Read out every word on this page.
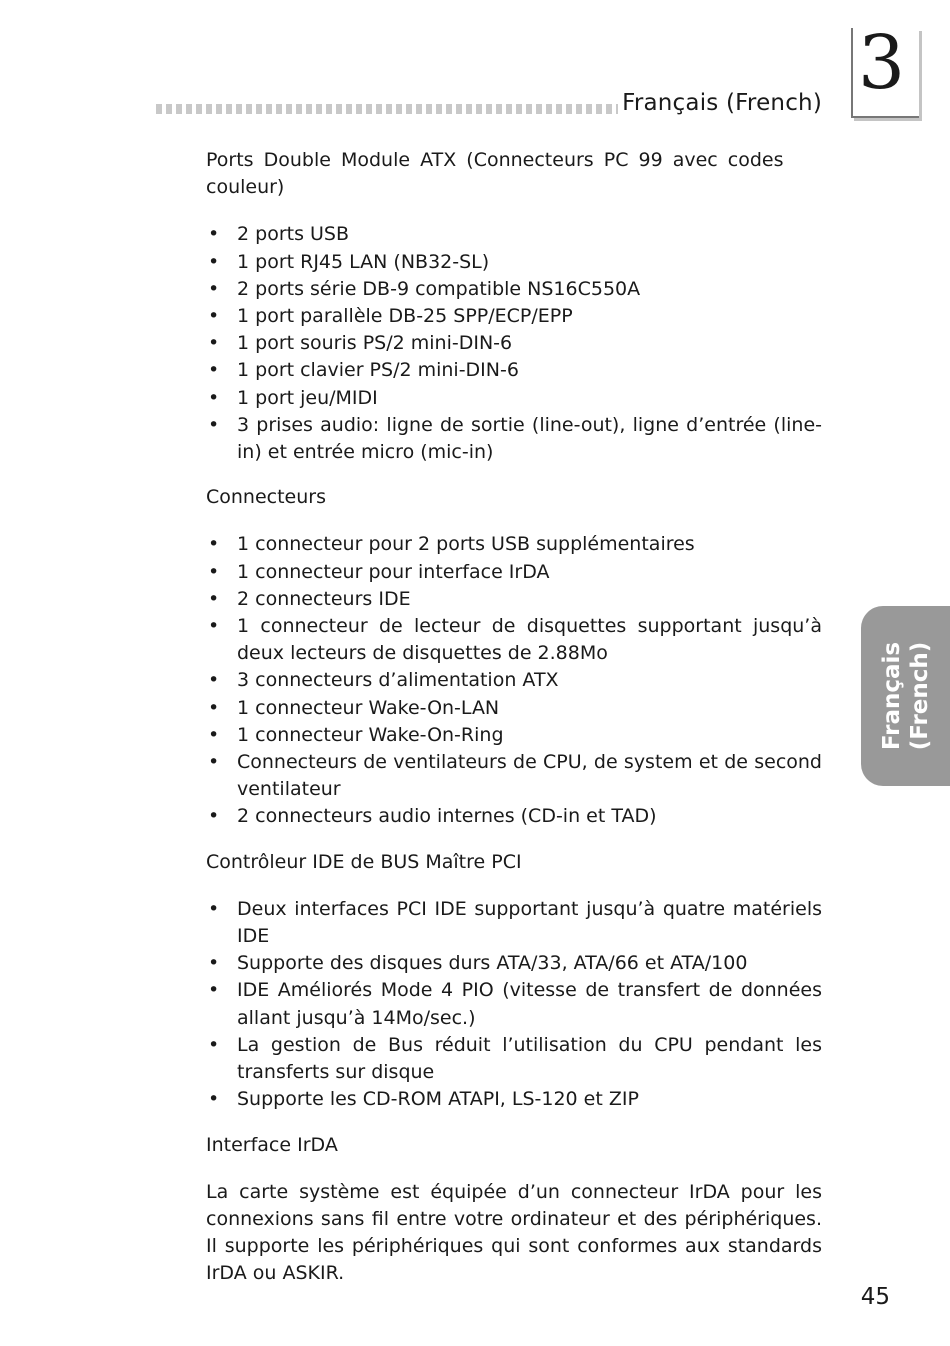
Français (French) 3
Français (French)
Ports Double Module ATX (Connecteurs PC 99 avec codes couleur)
• 2 ports USB
• 1 port RJ45 LAN (NB32-SL)
• 2 ports série DB-9 compatible NS16C550A
• 1 port parallèle DB-25 SPP/ECP/EPP
• 1 port souris PS/2 mini-DIN-6
• 1 port clavier PS/2 mini-DIN-6
• 1 port jeu/MIDI
• 3 prises audio: ligne de sortie (line-out), ligne d’entrée (line-in) et entrée micro (mic-in)
Connecteurs
• 1 connecteur pour 2 ports USB supplémentaires
• 1 connecteur pour interface IrDA
• 2 connecteurs IDE
• 1 connecteur de lecteur de disquettes supportant jusqu’à deux lecteurs de disquettes de 2.88Mo
• 3 connecteurs d’alimentation ATX
• 1 connecteur Wake-On-LAN
• 1 connecteur Wake-On-Ring
• Connecteurs de ventilateurs de CPU, de system et de second ventilateur
• 2 connecteurs audio internes (CD-in et TAD)
Contrôleur IDE de BUS Maître PCI
• Deux interfaces PCI IDE supportant jusqu’à quatre matériels IDE
• Supporte des disques durs ATA/33, ATA/66 et ATA/100
• IDE Améliorés Mode 4 PIO (vitesse de transfert de données allant jusqu’à 14Mo/sec.)
• La gestion de Bus réduit l’utilisation du CPU pendant les transferts sur disque
• Supporte les CD-ROM ATAPI, LS-120 et ZIP
Interface IrDA

La carte système est équipée d’un connecteur IrDA pour les connexions sans fil entre votre ordinateur et des périphériques. Il supporte les périphériques qui sont conformes aux standards IrDA ou ASKIR.

45
